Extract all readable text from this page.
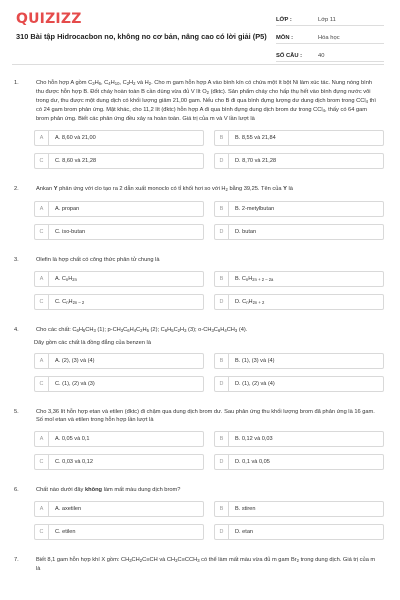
QUIZIZZ
310 Bài tập Hidrocacbon no, không no cơ bản, nâng cao có lời giải (P5)
LỚP :	Lớp 11
MÔN :	Hóa học
SỐ CÂU :	40
1.	Cho hỗn hợp A gồm $C_3H_6$, $C_4H_{10}$, $C_2H_2$ và $H_2$. Cho m gam hỗn hợp A vào bình kín có chứa một ít bột Ni làm xúc tác. Nung nóng bình thu được hỗn hợp B. Đốt cháy hoàn toàn B cần dùng vừa đủ V lít $O_2$ (đktc). Sản phẩm cháy cho hấp thụ hết vào bình đựng nước vôi trong dư, thu được một dung dịch có khối lượng giảm 21,00 gam. Nếu cho B đi qua bình đựng lượng dư dung dịch brom trong CCl$_4$ thì có 24 gam brom phản ứng. Mặt khác, cho 11,2 lít (đktc) hỗn hợp A đi qua bình đựng dung dịch brom dư trong CCl$_4$, thấy có 64 gam brom phản ứng. Biết các phản ứng đều xảy ra hoàn toàn. Giá trị của m và V lần lượt là
A	A. 8,60 và 21,00	B	B. 8,55 và 21,84
C	C. 8,60 và 21,28	D	D. 8,70 và 21,28
2.	Ankan Y phản ứng với clo tạo ra 2 dẫn xuất monoclo có tỉ khối hơi so với $H_2$ bằng 39,25. Tên của Y là
A	A. propan	B	B. 2-metylbutan
C	C. iso-butan	D	D. butan
3.	Olefin là hợp chất có công thức phân tử chung là
A	A. $C_nH_{2n}$	B	B. $C_nH_{2n + 2 - 2a}$
C	C. $C_nH_{2n - 2}$	D	D. $C_nH_{2n + 2}$
4.	Cho các chất: $C_6H_5CH_3$ (1); $p-CH_3C_6H_4C_2H_5$ (2); $C_6H_5C_2H_3$ (3); $o-CH_3C_6H_4CH_3$ (4).
Dãy gồm các chất là đồng đẳng của benzen là
A	A. (2), (3) và (4)	B	B. (1), (3) và (4)
C	C. (1), (2) và (3)	D	D. (1), (2) và (4)
5.	Cho 3,36 lít hỗn hợp etan và etilen (đktc) đi chậm qua dung dịch brom dư. Sau phản ứng thu khối lượng brom đã phản ứng là 16 gam. Số mol etan và etilen trong hỗn hợp lần lượt là
A	A. 0,05 và 0,1	B	B. 0,12 và 0,03
C	C. 0,03 và 0,12	D	D. 0,1 và 0,05
6.	Chất nào dưới đây không làm mất màu dung dịch brom?
A	A. axetilen	B	B. stiren
C	C. etilen	D	D. etan
7.	Biết 8,1 gam hỗn hợp khí X gồm: $CH_3CH_2C\equiv CH$ và $CH_3C\equiv CCH_3$ có thể làm mất màu vừa đủ m gam $Br_2$ trong dung dịch. Giá trị của m là
